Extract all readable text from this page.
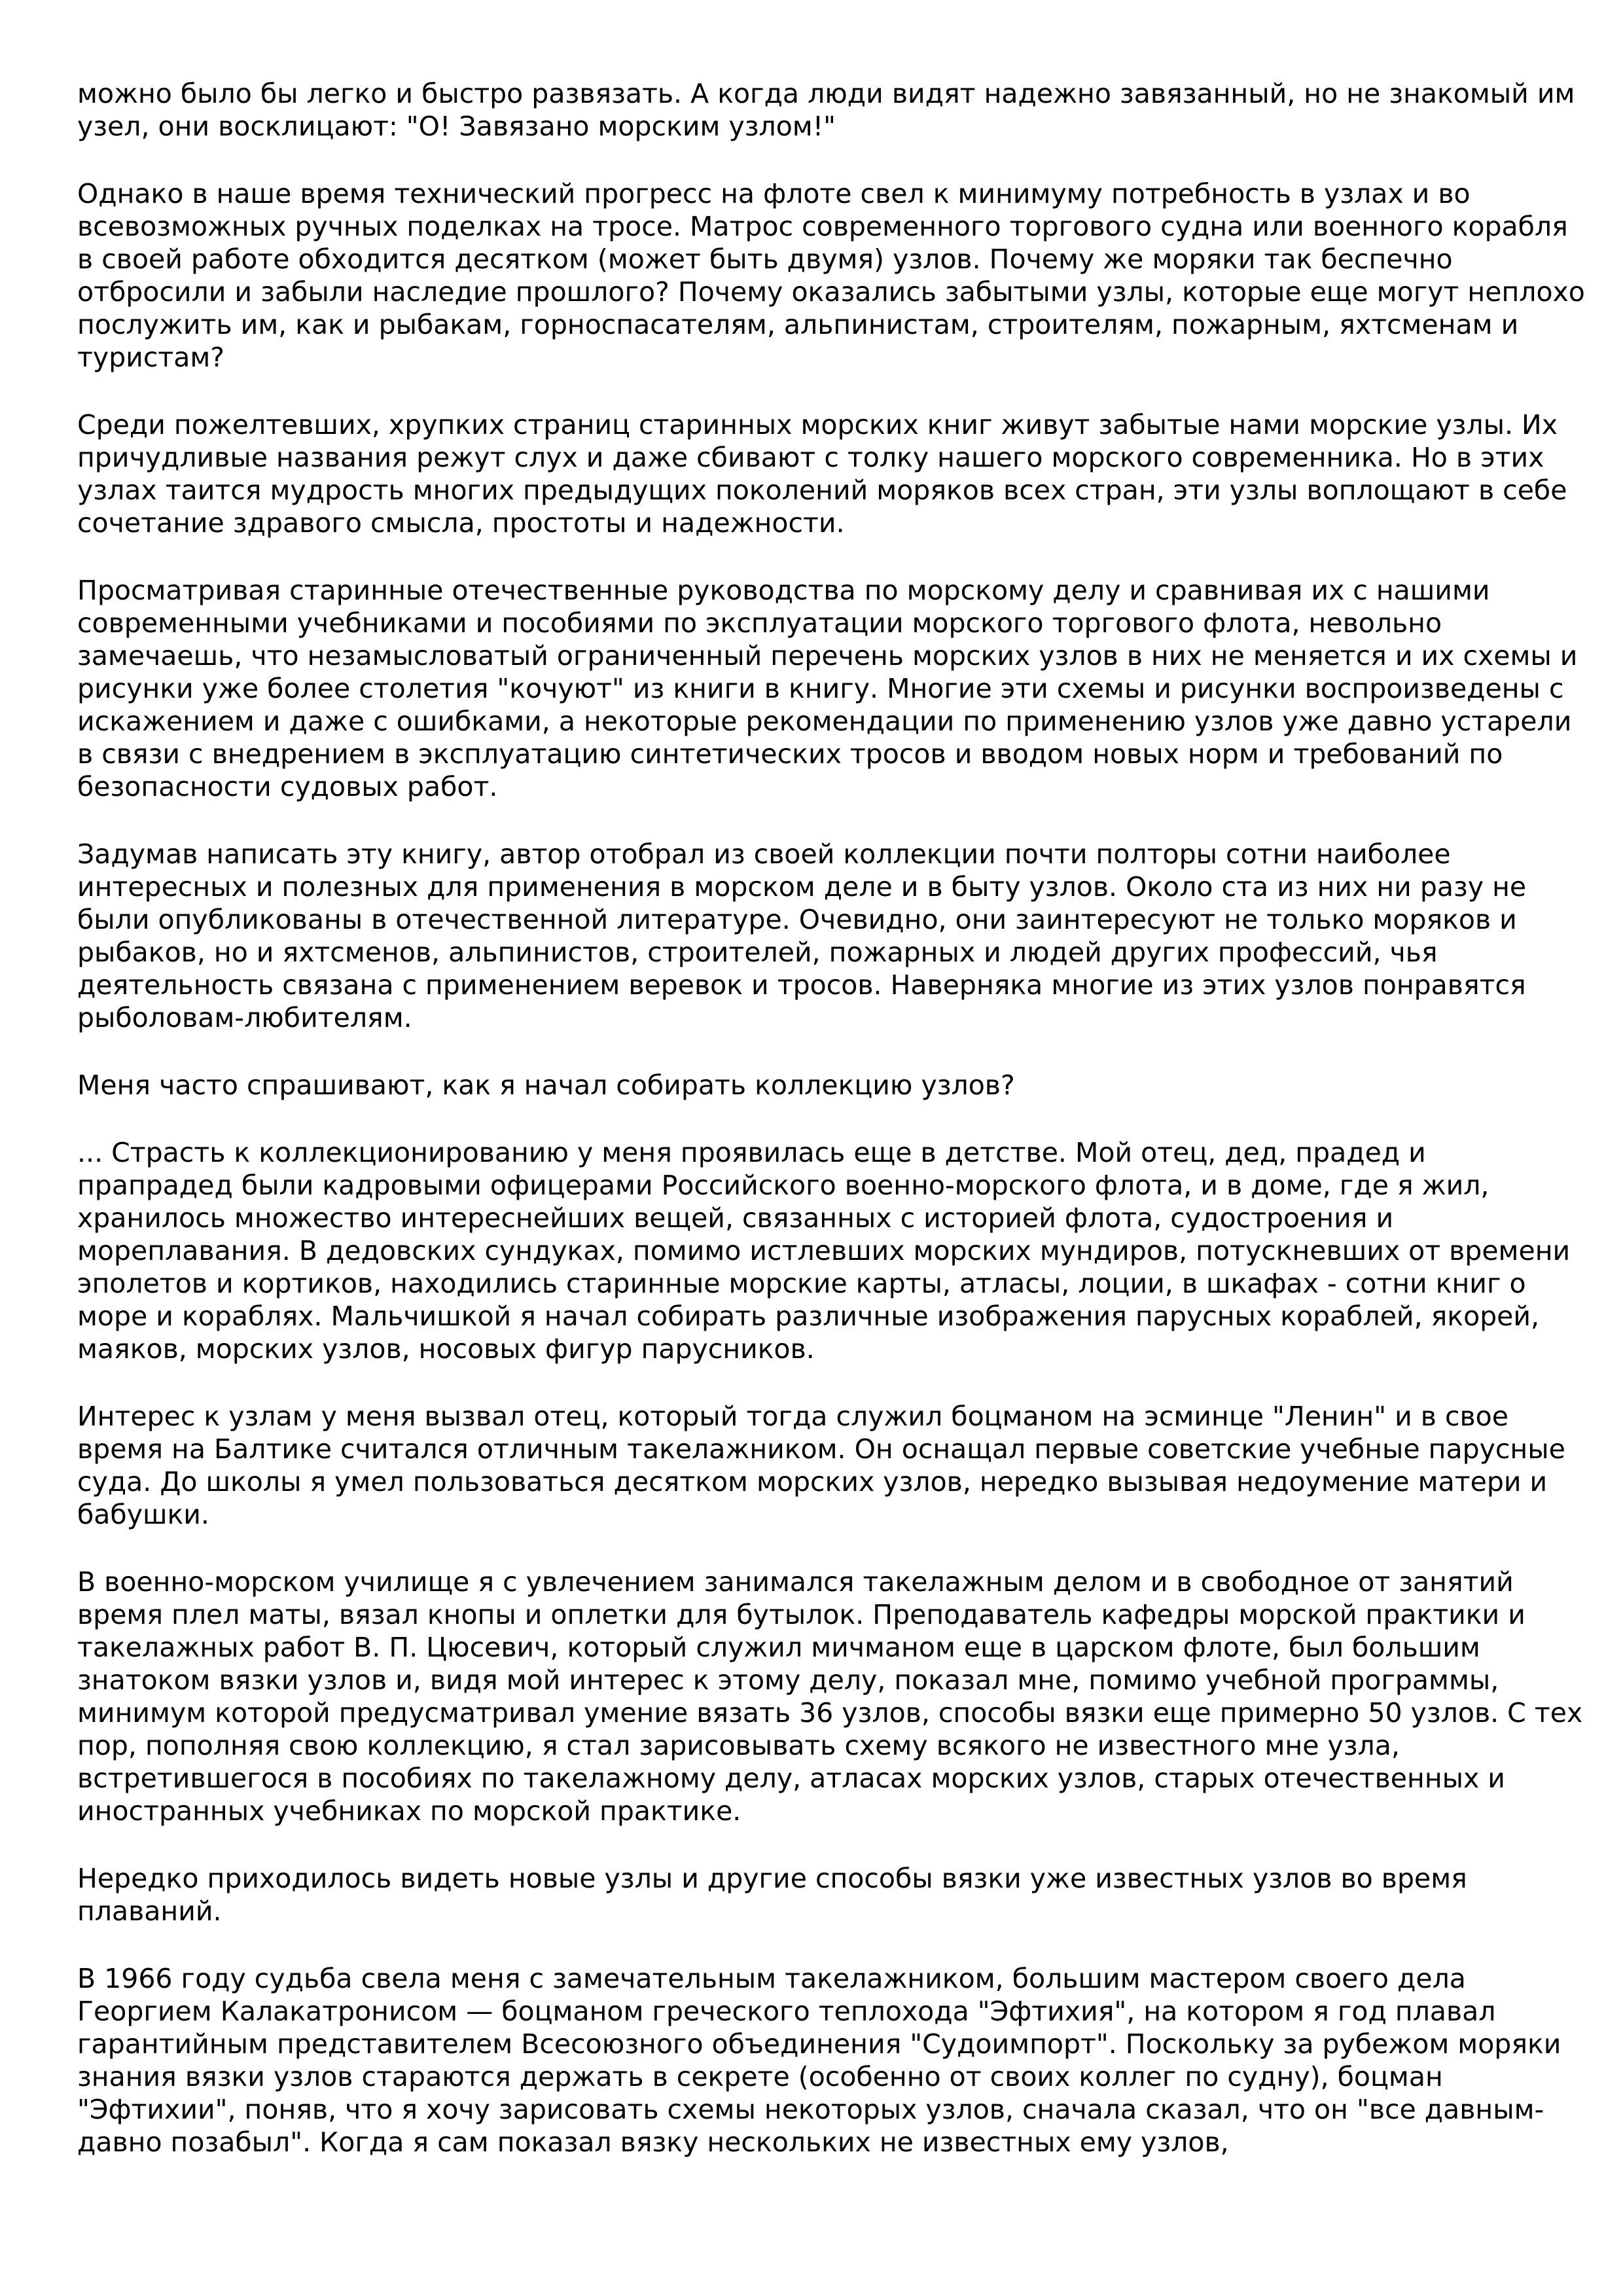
можно было бы легко и быстро развязать. А когда люди видят надежно завязанный, но не знакомый им узел, они восклицают: "О! Завязано морским узлом!"

Однако в наше время технический прогресс на флоте свел к минимуму потребность в узлах и во всевозможных ручных поделках на тросе. Матрос современного торгового судна или военного корабля в своей работе обходится десятком (может быть двумя) узлов. Почему же моряки так беспечно отбросили и забыли наследие прошлого? Почему оказались забытыми узлы, которые еще могут неплохо послужить им, как и рыбакам, горноспасателям, альпинистам, строителям, пожарным, яхтсменам и туристам?

Среди пожелтевших, хрупких страниц старинных морских книг живут забытые нами морские узлы. Их причудливые названия режут слух и даже сбивают с толку нашего морского современника. Но в этих узлах таится мудрость многих предыдущих поколений моряков всех стран, эти узлы воплощают в себе сочетание здравого смысла, простоты и надежности.

Просматривая старинные отечественные руководства по морскому делу и сравнивая их с нашими современными учебниками и пособиями по эксплуатации морского торгового флота, невольно замечаешь, что незамысловатый ограниченный перечень морских узлов в них не меняется и их схемы и рисунки уже более столетия "кочуют" из книги в книгу. Многие эти схемы и рисунки воспроизведены с искажением и даже с ошибками, а некоторые рекомендации по применению узлов уже давно устарели в связи с внедрением в эксплуатацию синтетических тросов и вводом новых норм и требований по безопасности судовых работ.

Задумав написать эту книгу, автор отобрал из своей коллекции почти полторы сотни наиболее интересных и полезных для применения в морском деле и в быту узлов. Около ста из них ни разу не были опубликованы в отечественной литературе. Очевидно, они заинтересуют не только моряков и рыбаков, но и яхтсменов, альпинистов, строителей, пожарных и людей других профессий, чья деятельность связана с применением веревок и тросов. Наверняка многие из этих узлов понравятся рыболовам-любителям.

Меня часто спрашивают, как я начал собирать коллекцию узлов?

... Страсть к коллекционированию у меня проявилась еще в детстве. Мой отец, дед, прадед и прапрадед были кадровыми офицерами Российского военно-морского флота, и в доме, где я жил, хранилось множество интереснейших вещей, связанных с историей флота, судостроения и мореплавания. В дедовских сундуках, помимо истлевших морских мундиров, потускневших от времени эполетов и кортиков, находились старинные морские карты, атласы, лоции, в шкафах - сотни книг о море и кораблях. Мальчишкой я начал собирать различные изображения парусных кораблей, якорей, маяков, морских узлов, носовых фигур парусников.

Интерес к узлам у меня вызвал отец, который тогда служил боцманом на эсминце "Ленин" и в свое время на Балтике считался отличным такелажником. Он оснащал первые советские учебные парусные суда. До школы я умел пользоваться десятком морских узлов, нередко вызывая недоумение матери и бабушки.

В военно-морском училище я с увлечением занимался такелажным делом и в свободное от занятий время плел маты, вязал кнопы и оплетки для бутылок. Преподаватель кафедры морской практики и такелажных работ В. П. Цюсевич, который служил мичманом еще в царском флоте, был большим знатоком вязки узлов и, видя мой интерес к этому делу, показал мне, помимо учебной программы, минимум которой предусматривал умение вязать 36 узлов, способы вязки еще примерно 50 узлов. С тех пор, пополняя свою коллекцию, я стал зарисовывать схему всякого не известного мне узла, встретившегося в пособиях по такелажному делу, атласах морских узлов, старых отечественных и иностранных учебниках по морской практике.

Нередко приходилось видеть новые узлы и другие способы вязки уже известных узлов во время плаваний.

В 1966 году судьба свела меня с замечательным такелажником, большим мастером своего дела Георгием Калакатронисом — боцманом греческого теплохода "Эфтихия", на котором я год плавал гарантийным представителем Всесоюзного объединения "Судоимпорт". Поскольку за рубежом моряки знания вязки узлов стараются держать в секрете (особенно от своих коллег по судну), боцман "Эфтихии", поняв, что я хочу зарисовать схемы некоторых узлов, сначала сказал, что он "все давным-давно позабыл". Когда я сам показал вязку нескольких не известных ему узлов,
